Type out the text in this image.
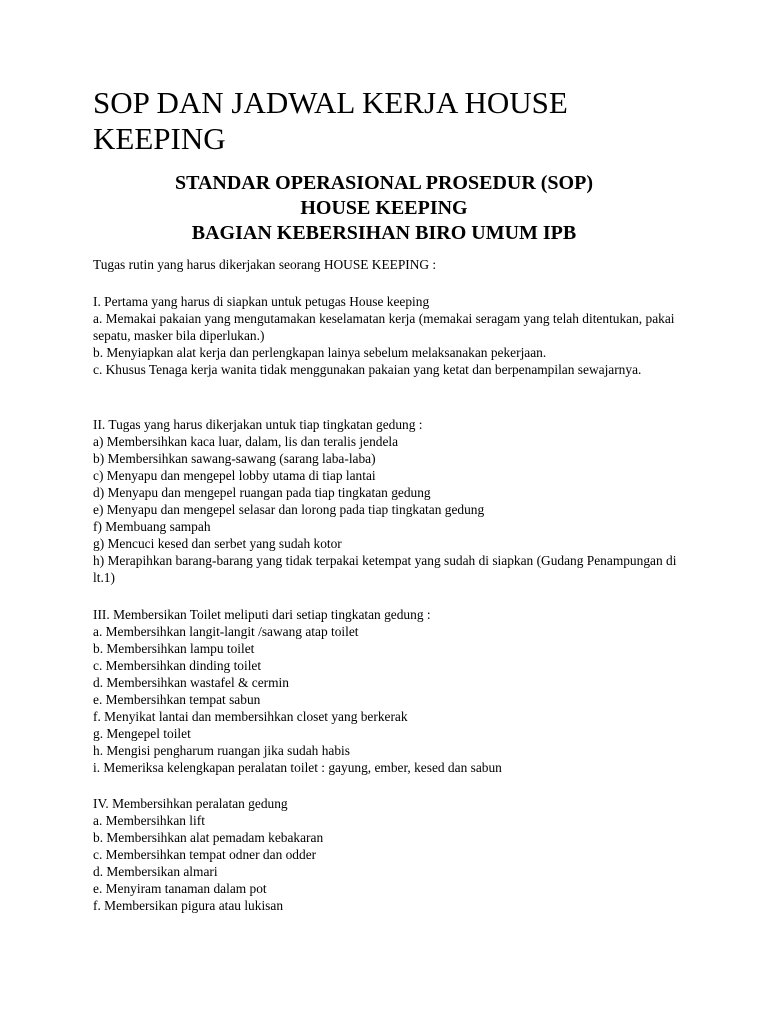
SOP DAN JADWAL KERJA HOUSE KEEPING
STANDAR OPERASIONAL PROSEDUR (SOP)
HOUSE KEEPING
BAGIAN KEBERSIHAN BIRO UMUM IPB

Tugas rutin yang harus dikerjakan seorang HOUSE KEEPING :

I. Pertama yang harus di siapkan untuk petugas House keeping
a. Memakai pakaian yang mengutamakan keselamatan kerja (memakai seragam yang telah ditentukan, pakai sepatu, masker bila diperlukan.)
b. Menyiapkan alat kerja dan perlengkapan lainya sebelum melaksanakan pekerjaan.
c. Khusus Tenaga kerja wanita tidak menggunakan pakaian yang ketat dan berpenampilan sewajarnya.
II. Tugas yang harus dikerjakan untuk tiap tingkatan gedung :
a) Membersihkan kaca luar, dalam, lis dan teralis jendela
b) Membersihkan sawang-sawang (sarang laba-laba)
c) Menyapu dan mengepel lobby utama di tiap lantai
d) Menyapu dan mengepel ruangan pada tiap tingkatan gedung
e) Menyapu dan mengepel selasar dan lorong pada tiap tingkatan gedung
f) Membuang sampah
g) Mencuci kesed dan serbet yang sudah kotor
h) Merapihkan barang-barang yang tidak terpakai ketempat yang sudah di siapkan (Gudang Penampungan di lt.1)
III. Membersikan Toilet meliputi dari setiap tingkatan gedung :
a. Membersihkan langit-langit /sawang atap toilet
b. Membersihkan lampu toilet
c. Membersihkan dinding toilet
d. Membersihkan wastafel & cermin
e. Membersihkan tempat sabun
f. Menyikat lantai dan membersihkan closet yang berkerak
g. Mengepel toilet
h. Mengisi pengharum ruangan jika sudah habis
i. Memeriksa kelengkapan peralatan toilet : gayung, ember, kesed dan sabun
IV. Membersihkan peralatan gedung
a. Membersihkan lift
b. Membersihkan alat pemadam kebakaran
c. Membersihkan tempat odner dan odder
d. Membersikan almari
e. Menyiram tanaman dalam pot
f. Membersikan pigura atau lukisan
